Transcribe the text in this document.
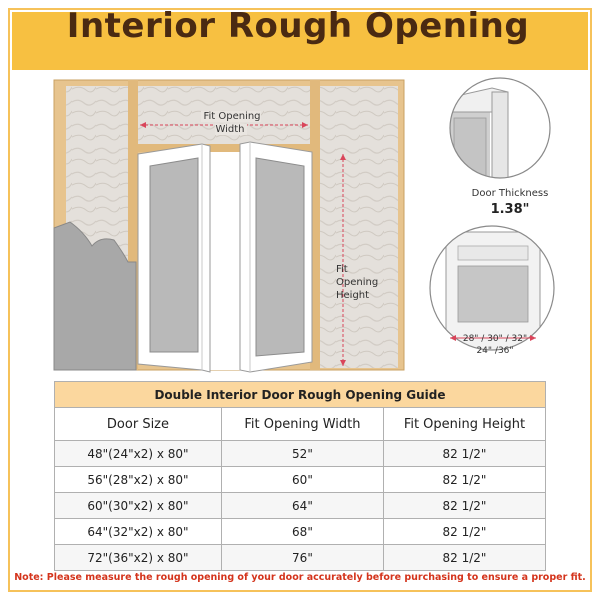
Interior Rough Opening
Fit Opening
Width
Fit
Opening
Height
Door Thickness
1.38"
28" / 30" / 32"
24" /36"
Double Interior Door Rough Opening Guide		
Door Size	Fit Opening Width	Fit Opening Height
48"(24"x2) x 80"	52"	82 1/2"
56"(28"x2) x 80"	60"	82 1/2"
60"(30"x2) x 80"	64"	82 1/2"
64"(32"x2) x 80"	68"	82 1/2"
72"(36"x2) x 80"	76"	82 1/2"
Note: Please measure the rough opening of your door accurately before purchasing to ensure a proper fit.
